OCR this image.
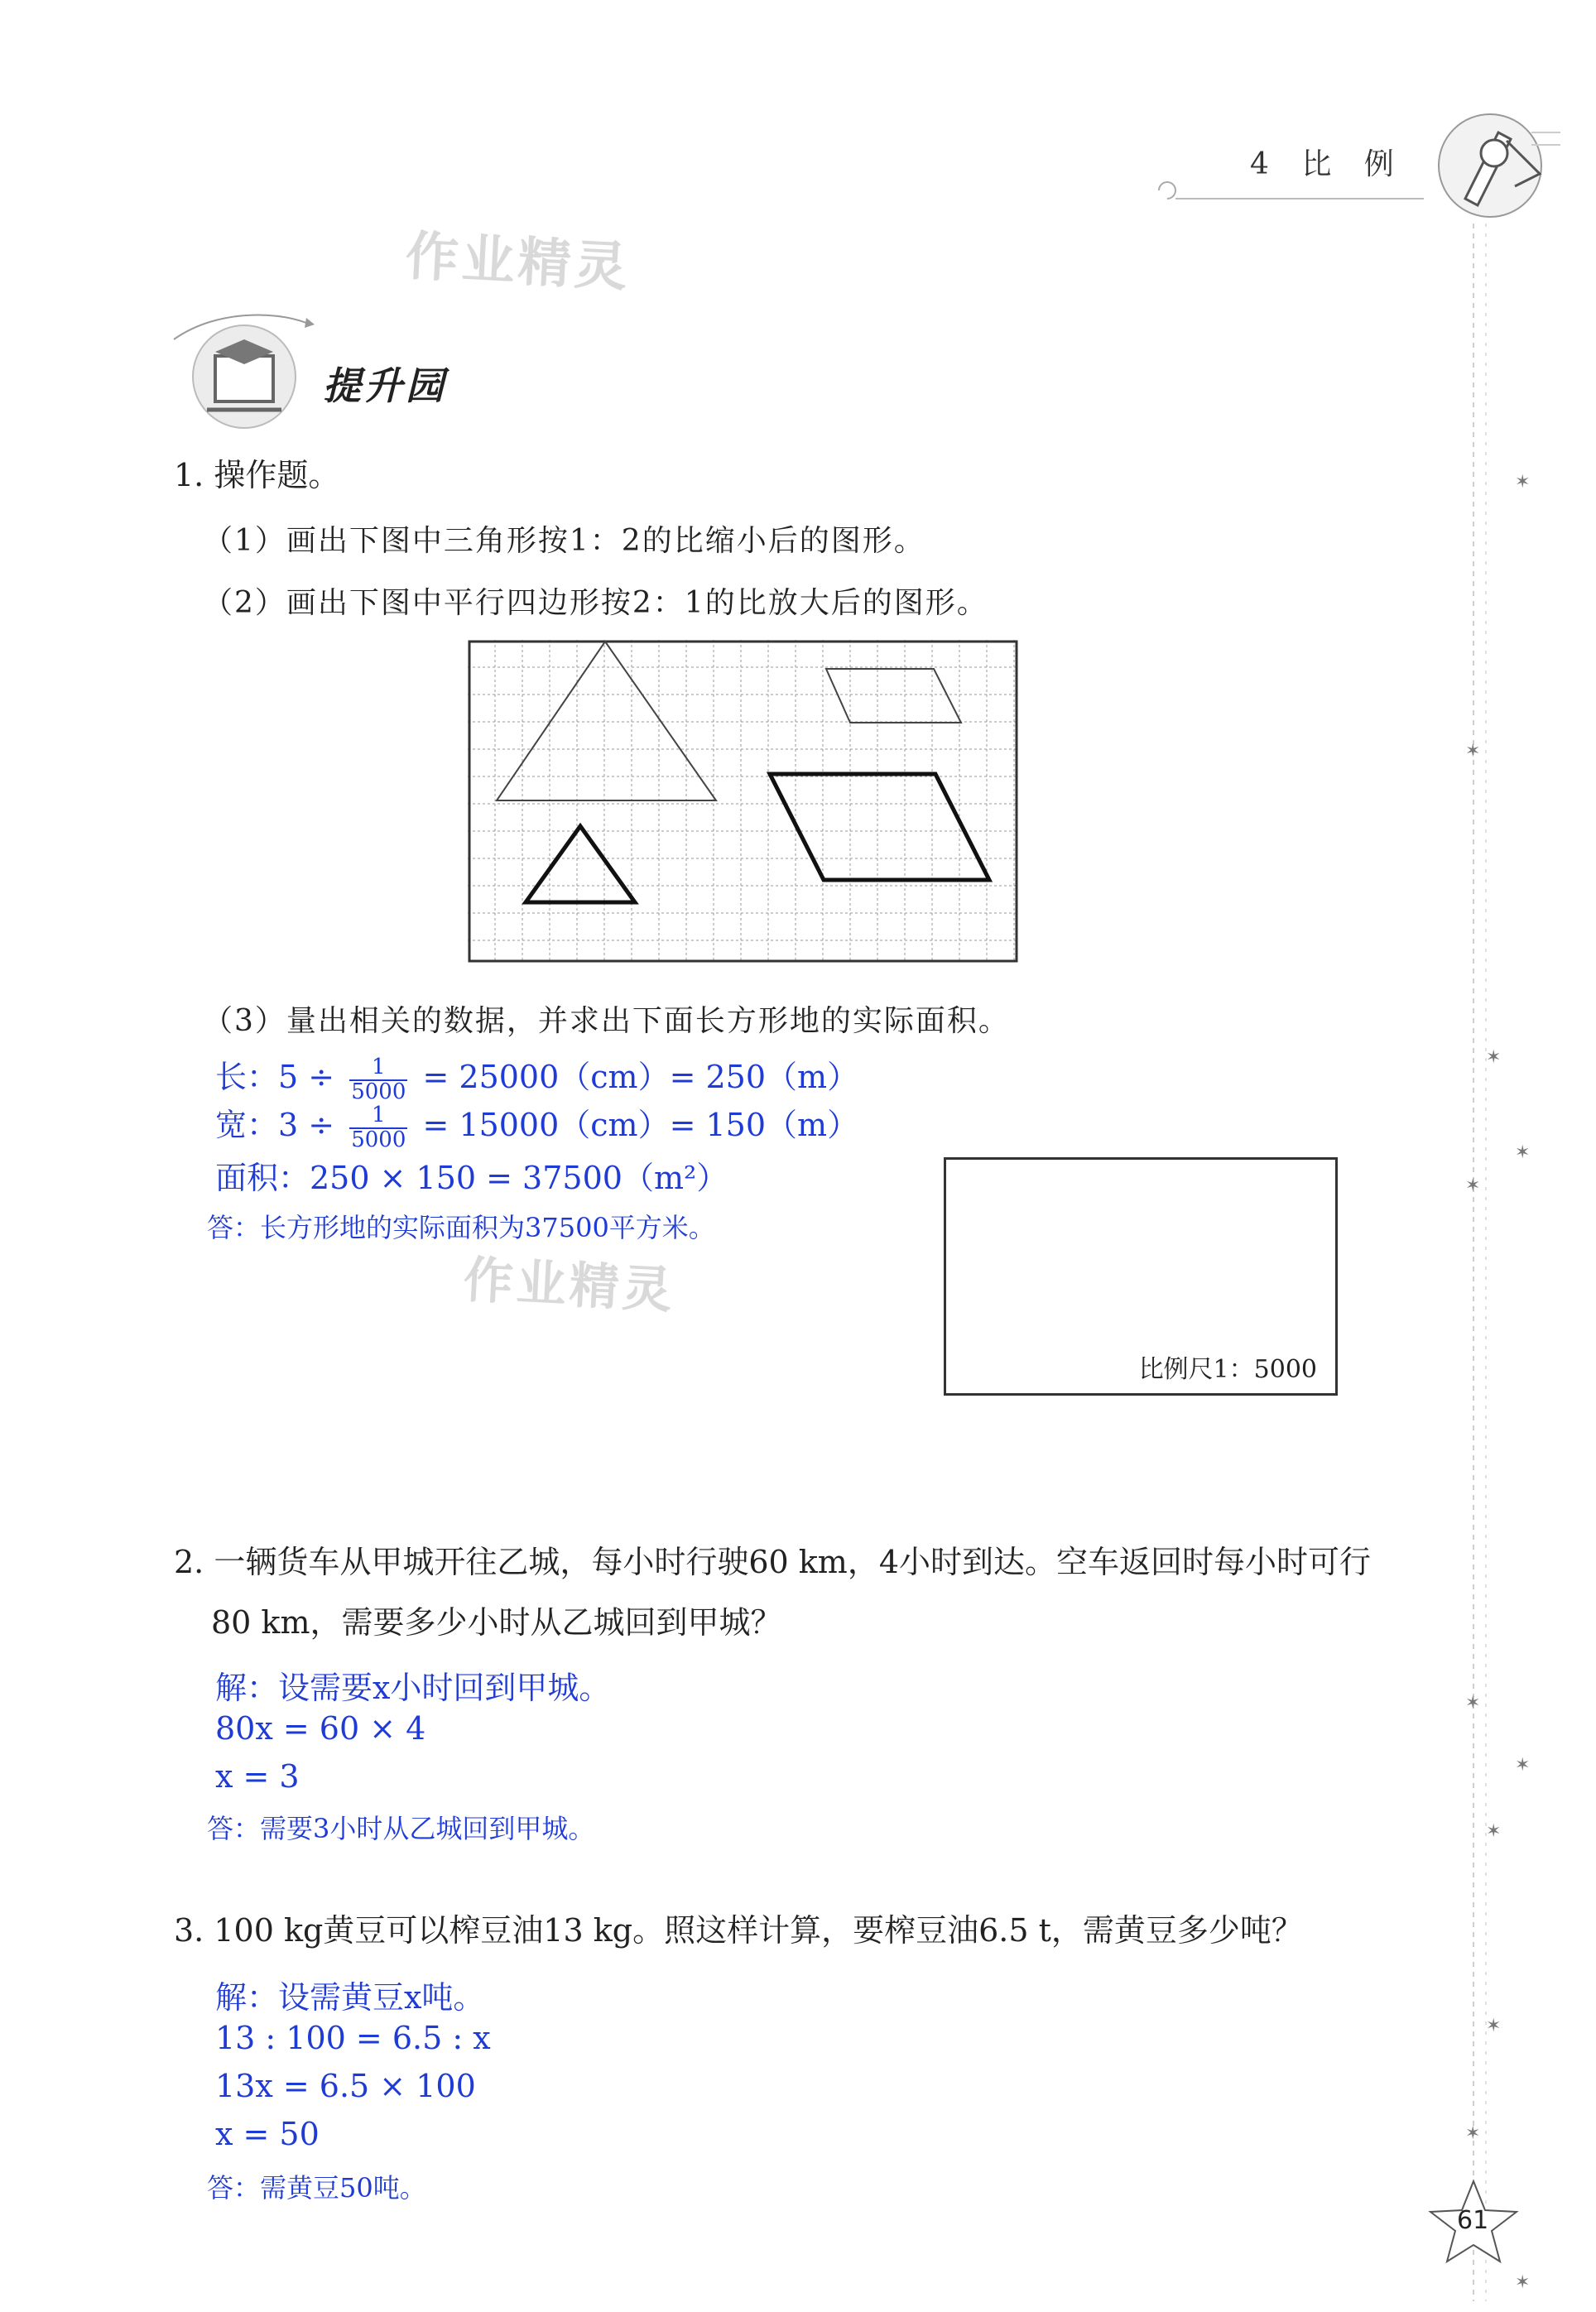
4 比 例
✶
✶
✶
✶
✶
✶
✶
✶
✶
✶
✶
作业精灵
提升园
1. 操作题。
（1）画出下图中三角形按1：2的比缩小后的图形。
（2）画出下图中平行四边形按2：1的比放大后的图形。
（3）量出相关的数据，并求出下面长方形地的实际面积。
长：$5 \div \frac{1}{5000} = 25000(cm)= 250(m)$
宽：$3 \div \frac{1}{5000} = 15000(cm)= 150(m)$
面积：250 × 150 = 37500（m²）
答：长方形地的实际面积为37500平方米。
作业精灵
比例尺1：5000
2. 一辆货车从甲城开往乙城，每小时行驶60 km，4小时到达。空车返回时每小时可行
80 km，需要多少小时从乙城回到甲城？
解：设需要x小时回到甲城。
80x = 60 × 4
x = 3
答：需要3小时从乙城回到甲城。
3. 100 kg黄豆可以榨豆油13 kg。照这样计算，要榨豆油6.5 t，需黄豆多少吨？
解：设需黄豆x吨。
13 : 100 = 6.5 : x
13x = 6.5 × 100
x = 50
答：需黄豆50吨。
61
